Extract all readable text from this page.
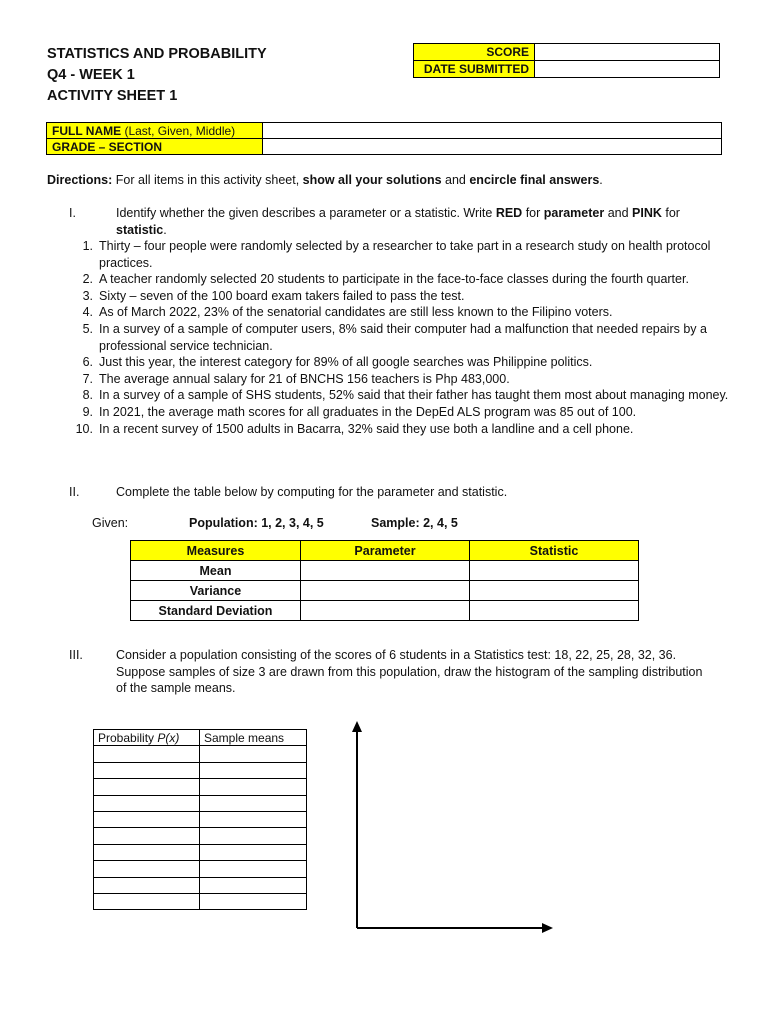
STATISTICS AND PROBABILITY
Q4 - WEEK 1
ACTIVITY SHEET 1
SCORE	
DATE SUBMITTED	
FULL NAME (Last, Given, Middle)	
GRADE – SECTION	
Directions: For all items in this activity sheet, show all your solutions and encircle final answers.
I.	Identify whether the given describes a parameter or a statistic. Write RED for parameter and PINK for statistic.
1. Thirty – four people were randomly selected by a researcher to take part in a research study on health protocol practices.
2. A teacher randomly selected 20 students to participate in the face-to-face classes during the fourth quarter.
3. Sixty – seven of the 100 board exam takers failed to pass the test.
4. As of March 2022, 23% of the senatorial candidates are still less known to the Filipino voters.
5. In a survey of a sample of computer users, 8% said their computer had a malfunction that needed repairs by a professional service technician.
6. Just this year, the interest category for 89% of all google searches was Philippine politics.
7. The average annual salary for 21 of BNCHS 156 teachers is Php 483,000.
8. In a survey of a sample of SHS students, 52% said that their father has taught them most about managing money.
9. In 2021, the average math scores for all graduates in the DepEd ALS program was 85 out of 100.
10. In a recent survey of 1500 adults in Bacarra, 32% said they use both a landline and a cell phone.
II.	Complete the table below by computing for the parameter and statistic.
Given:	Population: 1, 2, 3, 4, 5	Sample: 2, 4, 5
Measures	Parameter	Statistic
Mean		
Variance		
Standard Deviation		
III.	Consider a population consisting of the scores of 6 students in a Statistics test: 18, 22, 25, 28, 32, 36. Suppose samples of size 3 are drawn from this population, draw the histogram of the sampling distribution of the sample means.
Probability P(x)	Sample means
